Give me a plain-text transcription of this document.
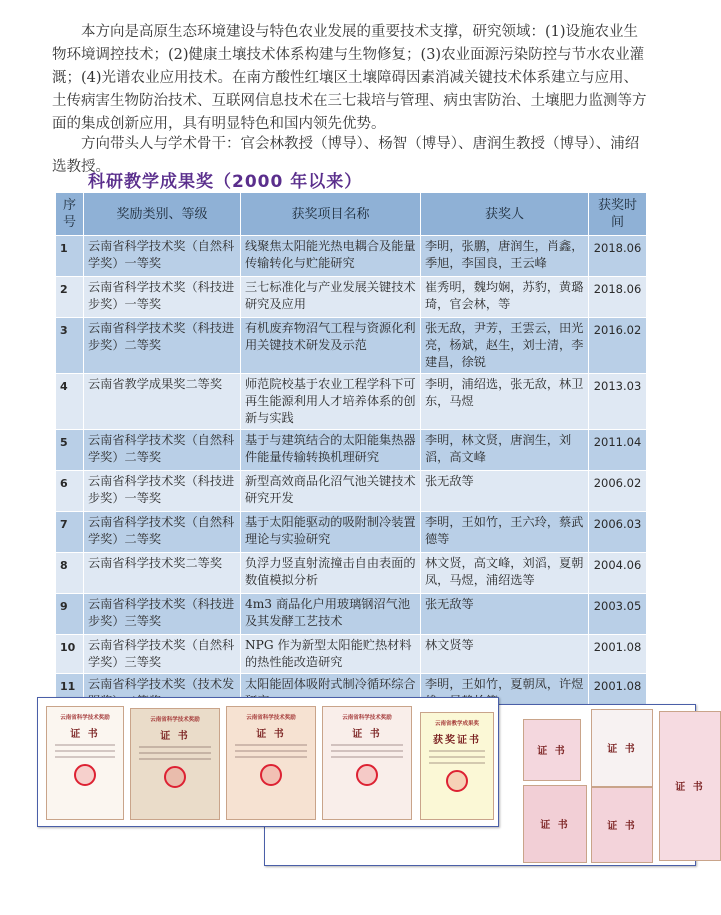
本方向是高原生态环境建设与特色农业发展的重要技术支撑，研究领域：(1)设施农业生物环境调控技术；(2)健康土壤技术体系构建与生物修复；(3)农业面源污染防控与节水农业灌溉；(4)光谱农业应用技术。在南方酸性红壤区土壤障碍因素消减关键技术体系建立与应用、土传病害生物防治技术、互联网信息技术在三七栽培与管理、病虫害防治、土壤肥力监测等方面的集成创新应用，具有明显特色和国内领先优势。

方向带头人与学术骨干：官会林教授（博导）、杨智（博导）、唐润生教授（博导）、浦绍选教授。

科研教学成果奖（2000 年以来）
序号	奖励类别、等级	获奖项目名称	获奖人	获奖时间
1	云南省科学技术奖（自然科学奖）一等奖	线聚焦太阳能光热电耦合及能量传输转化与贮能研究	李明，张鹏，唐润生，肖鑫，季旭，李国良，王云峰	2018.06
2	云南省科学技术奖（科技进步奖）一等奖	三七标准化与产业发展关键技术研究及应用	崔秀明，魏均娴，苏豹，黄璐琦，官会林，等	2018.06
3	云南省科学技术奖（科技进步奖）二等奖	有机废弃物沼气工程与资源化利用关键技术研发及示范	张无敌，尹芳，王雲云，田光亮，杨斌，赵生，刘士清，李建昌，徐锐	2016.02
4	云南省教学成果奖二等奖	师范院校基于农业工程学科下可再生能源利用人才培养体系的创新与实践	李明，浦绍选，张无敌，林卫东，马煜	2013.03
5	云南省科学技术奖（自然科学奖）二等奖	基于与建筑结合的太阳能集热器件能量传输转换机理研究	李明，林文贤，唐润生，刘滔，高文峰	2011.04
6	云南省科学技术奖（科技进步奖）一等奖	新型高效商品化沼气池关键技术研究开发	张无敌等	2006.02
7	云南省科学技术奖（自然科学奖）二等奖	基于太阳能驱动的吸附制冷装置理论与实验研究	李明，王如竹，王六玲，蔡武德等	2006.03
8	云南省科学技术奖二等奖	负浮力竖直射流撞击自由表面的数值模拟分析	林文贤，高文峰，刘滔，夏朝凤，马煜，浦绍选等	2004.06
9	云南省科学技术奖（科技进步奖）三等奖	4m3 商品化户用玻璃钢沼气池及其发酵工艺技术	张无敌等	2003.05
10	云南省科学技术奖（自然科学奖）三等奖	NPG 作为新型太阳能贮热材料的热性能改造研究	林文贤等	2001.08
11	云南省科学技术奖（技术发	太阳能固体吸附式制冷循环综合	李明，王如竹，夏朝凤，许煜	2001.08
证 书
证 书
证 书
证 书
证 书
云南省科学技术奖励
证 书
云南省科学技术奖励
证 书
云南省科学技术奖励
证 书
云南省科学技术奖励
证 书
云南省教学成果奖
获奖证书
